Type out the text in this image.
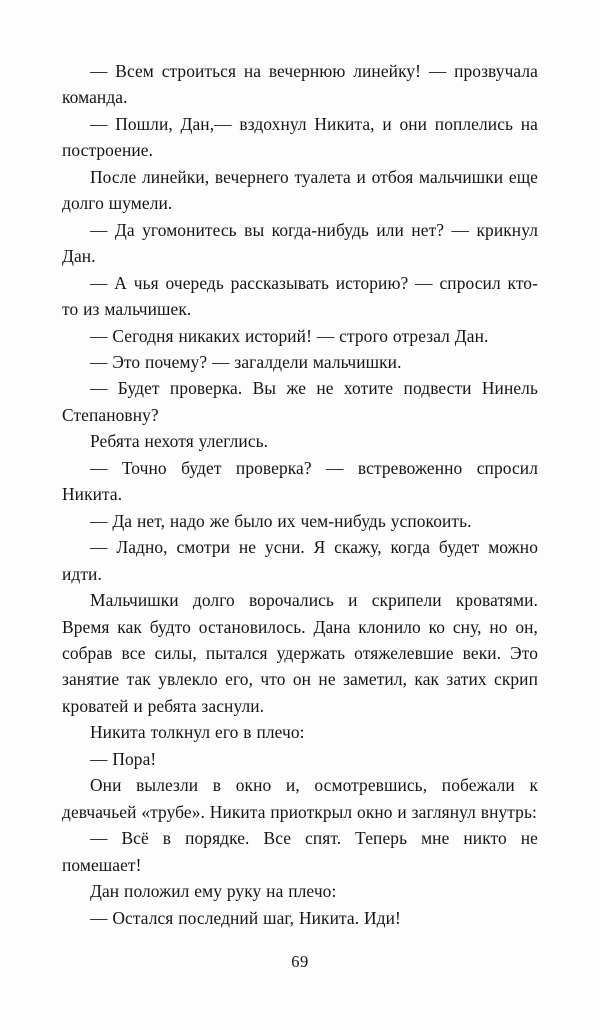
— Всем строиться на вечернюю линейку! — прозвучала команда.

— Пошли, Дан,— вздохнул Никита, и они поплелись на построение.

После линейки, вечернего туалета и отбоя мальчишки еще долго шумели.

— Да угомонитесь вы когда-нибудь или нет? — крикнул Дан.

— А чья очередь рассказывать историю? — спросил кто-то из мальчишек.

— Сегодня никаких историй! — строго отрезал Дан.

— Это почему? — загалдели мальчишки.

— Будет проверка. Вы же не хотите подвести Нинель Степановну?

Ребята нехотя улеглись.

— Точно будет проверка? — встревоженно спросил Никита.

— Да нет, надо же было их чем-нибудь успокоить.

— Ладно, смотри не усни. Я скажу, когда будет можно идти.

Мальчишки долго ворочались и скрипели кроватями. Время как будто остановилось. Дана клонило ко сну, но он, собрав все силы, пытался удержать отяжелевшие веки. Это занятие так увлекло его, что он не заметил, как затих скрип кроватей и ребята заснули.

Никита толкнул его в плечо:

— Пора!

Они вылезли в окно и, осмотревшись, побежали к девчачьей «трубе». Никита приоткрыл окно и заглянул внутрь:

— Всё в порядке. Все спят. Теперь мне никто не помешает!

Дан положил ему руку на плечо:

— Остался последний шаг, Никита. Иди!

69
